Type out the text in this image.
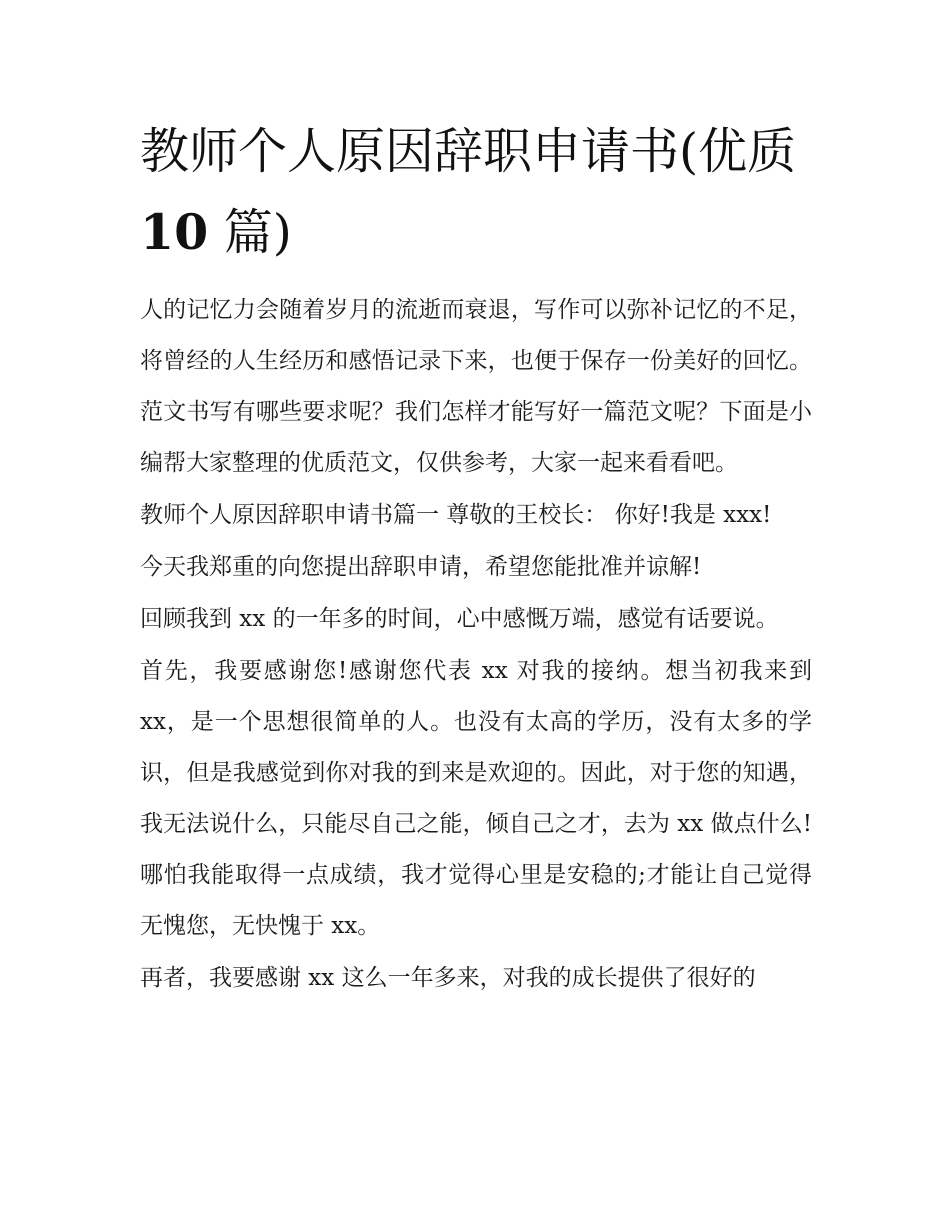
教师个人原因辞职申请书(优质
10 篇)

人的记忆力会随着岁月的流逝而衰退，写作可以弥补记忆的不足，将曾经的人生经历和感悟记录下来，也便于保存一份美好的回忆。范文书写有哪些要求呢？我们怎样才能写好一篇范文呢？下面是小编帮大家整理的优质范文，仅供参考，大家一起来看看吧。

教师个人原因辞职申请书篇一 尊敬的王校长： 你好!我是 xxx!

今天我郑重的向您提出辞职申请，希望您能批准并谅解!

回顾我到 xx 的一年多的时间，心中感慨万端，感觉有话要说。

首先，我要感谢您!感谢您代表 xx 对我的接纳。想当初我来到 xx，是一个思想很简单的人。也没有太高的学历，没有太多的学识，但是我感觉到你对我的到来是欢迎的。因此，对于您的知遇，我无法说什么，只能尽自己之能，倾自己之才，去为 xx 做点什么!哪怕我能取得一点成绩，我才觉得心里是安稳的;才能让自己觉得无愧您，无快愧于 xx。

再者，我要感谢 xx 这么一年多来，对我的成长提供了很好的
